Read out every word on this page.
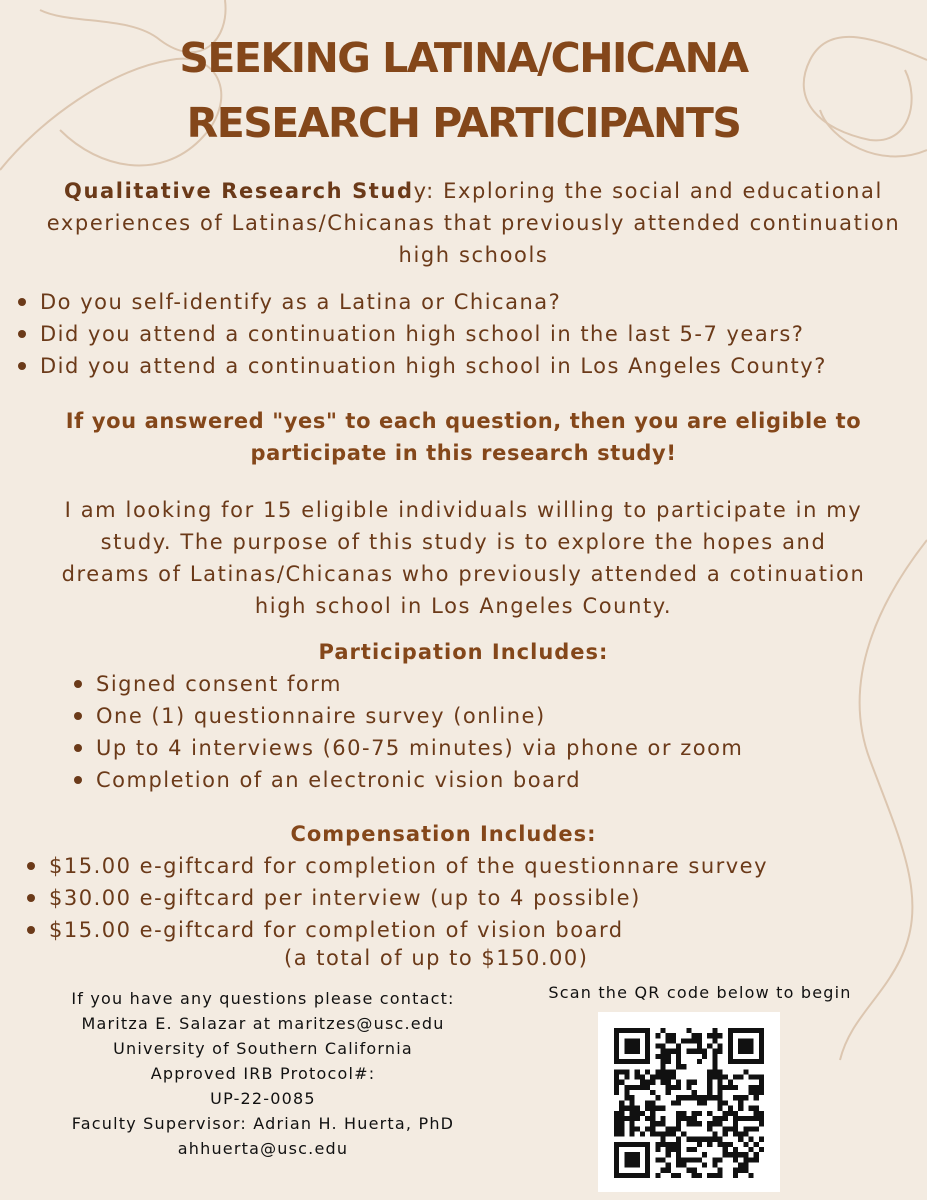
SEEKING LATINA/CHICANA
RESEARCH PARTICIPANTS
Qualitative Research Study: Exploring the social and educational experiences of Latinas/Chicanas that previously attended continuation high schools
Do you self-identify as a Latina or Chicana?
Did you attend a continuation high school in the last 5-7 years?
Did you attend a continuation high school in Los Angeles County?
If you answered "yes" to each question, then you are eligible to participate in this research study!
I am looking for 15 eligible individuals willing to participate in my study. The purpose of this study is to explore the hopes and dreams of Latinas/Chicanas who previously attended a cotinuation high school in Los Angeles County.
Participation Includes:
Signed consent form
One (1) questionnaire survey (online)
Up to 4 interviews (60-75 minutes) via phone or zoom
Completion of an electronic vision board
Compensation Includes:
$15.00 e-giftcard for completion of the questionnare survey
$30.00 e-giftcard per interview (up to 4 possible)
$15.00 e-giftcard for completion of vision board
(a total of up to $150.00)
If you have any questions please contact:
Maritza E. Salazar at maritzes@usc.edu
University of Southern California
Approved IRB Protocol#:
UP-22-0085
Faculty Supervisor: Adrian H. Huerta, PhD
ahhuerta@usc.edu
Scan the QR code below to begin
